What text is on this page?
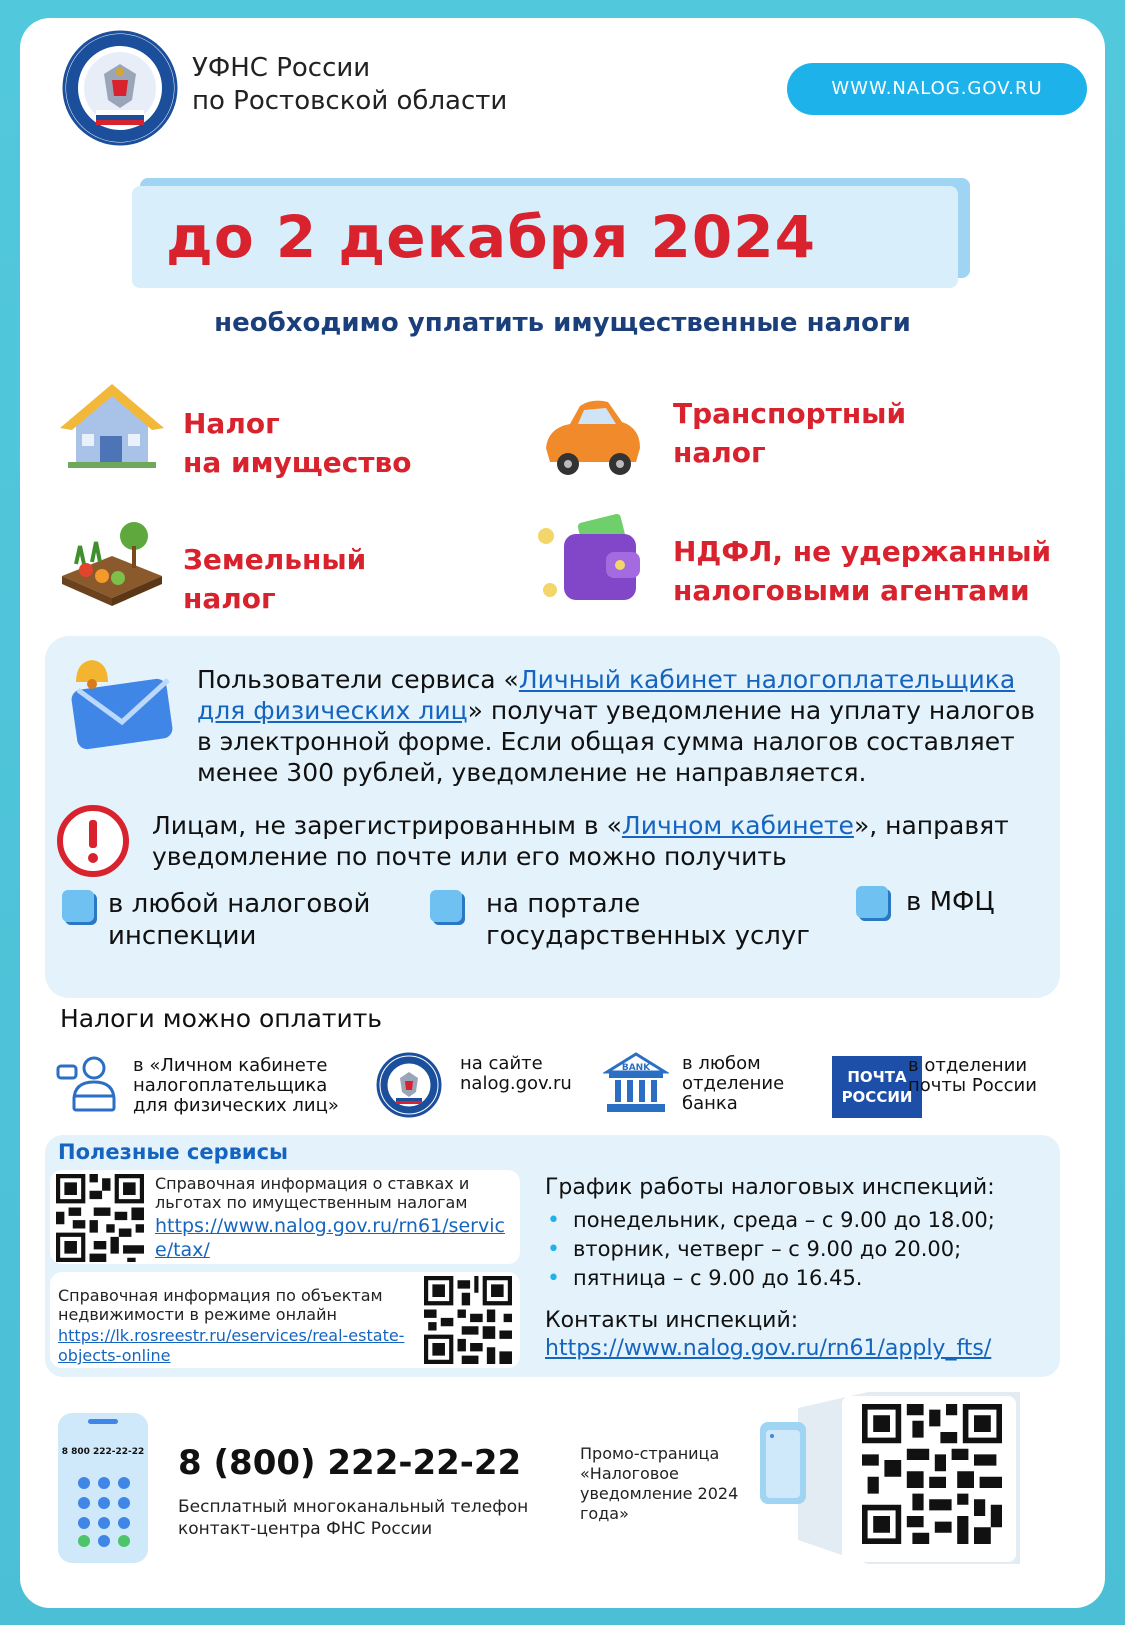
УФНС России
по Ростовской области	WWW.NALOG.GOV.RU
до 2 декабря 2024
необходимо уплатить имущественные налоги
Налог
на имущество
Транспортный
налог
Земельный
налог
НДФЛ, не удержанный
налоговыми агентами
Пользователи сервиса «Личный кабинет налогоплательщика для физических лиц» получат уведомление на уплату налогов в электронной форме. Если общая сумма налогов составляет менее 300 рублей, уведомление не направляется.
Лицам, не зарегистрированным в «Личном кабинете», направят уведомление по почте или его можно получить
в любой налоговой
инспекции
на портале
государственных услуг
в МФЦ
Налоги можно оплатить
в «Личном кабинете
налогоплательщика
для физических лиц»
на сайте
nalog.gov.ru
BANK в любом
отделение
банка
ПОЧТА
РОССИИ
в отделении
почты России
Полезные сервисы
Справочная информация о ставках и льготах по имущественным налогам
https://www.nalog.gov.ru/rn61/service/tax/
Справочная информация по объектам недвижимости в режиме онлайн
https://lk.rosreestr.ru/eservices/real-estate-objects-online
График работы налоговых инспекций:
• понедельник, среда – с 9.00 до 18.00;
• вторник, четверг – с 9.00 до 20.00;
• пятница – с 9.00 до 16.45.
Контакты инспекций:
https://www.nalog.gov.ru/rn61/apply_fts/
8 800 222-22-22 8 (800) 222-22-22
Бесплатный многоканальный телефон контакт-центра ФНС России
Промо-страница «Налоговое уведомление 2024 года»
